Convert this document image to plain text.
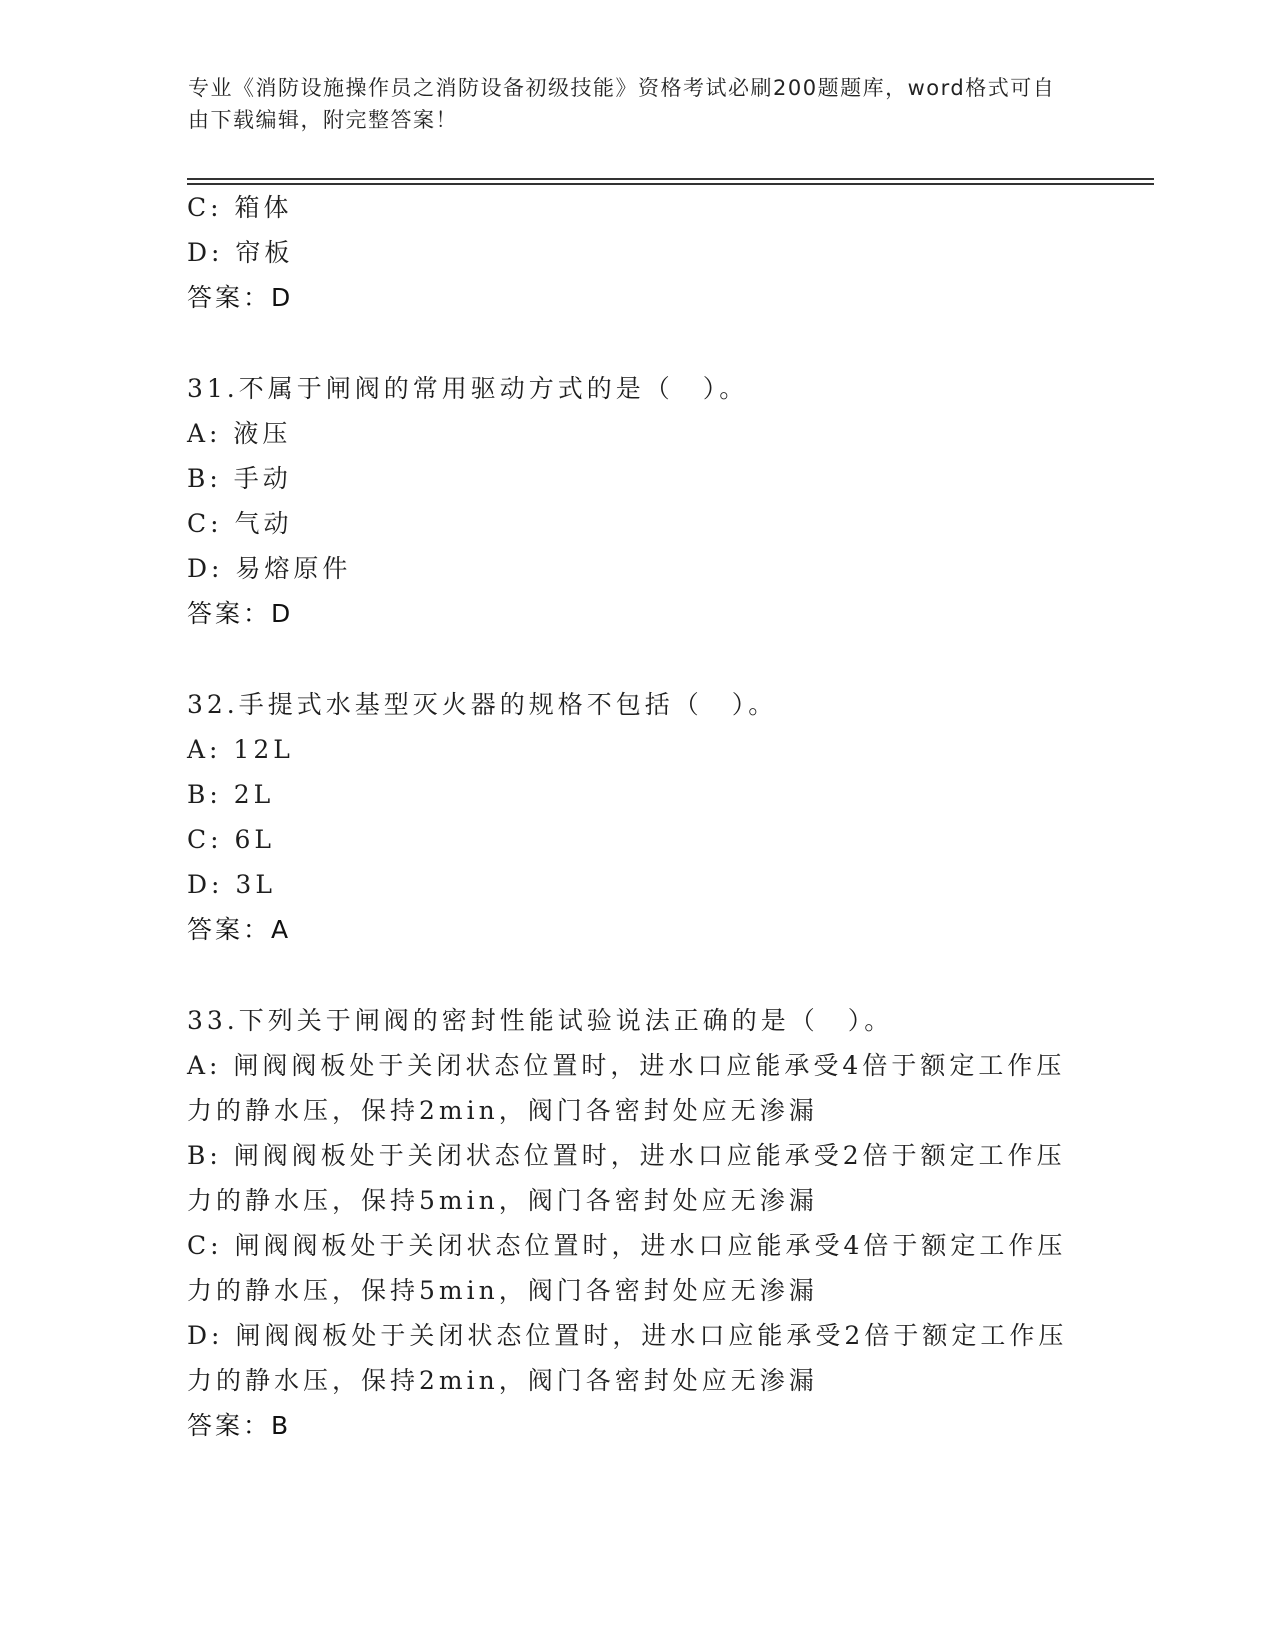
专业《消防设施操作员之消防设备初级技能》资格考试必刷200题题库，word格式可自由下载编辑，附完整答案！
C: 箱体
D: 帘板
答案：D
31.不属于闸阀的常用驱动方式的是（　）。
A: 液压
B: 手动
C: 气动
D: 易熔原件
答案：D
32.手提式水基型灭火器的规格不包括（　）。
A: 12L
B: 2L
C: 6L
D: 3L
答案：A
33.下列关于闸阀的密封性能试验说法正确的是（　）。
A: 闸阀阀板处于关闭状态位置时，进水口应能承受4倍于额定工作压
力的静水压，保持2min，阀门各密封处应无渗漏
B: 闸阀阀板处于关闭状态位置时，进水口应能承受2倍于额定工作压
力的静水压，保持5min，阀门各密封处应无渗漏
C: 闸阀阀板处于关闭状态位置时，进水口应能承受4倍于额定工作压
力的静水压，保持5min，阀门各密封处应无渗漏
D: 闸阀阀板处于关闭状态位置时，进水口应能承受2倍于额定工作压
力的静水压，保持2min，阀门各密封处应无渗漏
答案：B
